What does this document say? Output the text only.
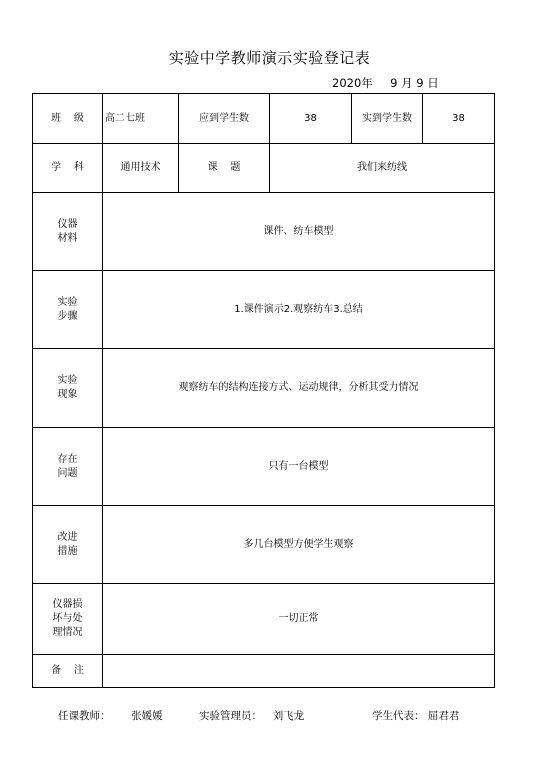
实验中学教师演示实验登记表
2020年 9 月 9 日
班    级	高二七班	应到学生数	38	实到学生数	38
学    科	通用技术	课    题	我们来纺线		

仪器
材料	课件、纺车模型				

实验
步骤	1.课件演示2.观察纺车3.总结				

实验
现象	观察纺车的结构连接方式、运动规律，分析其受力情况				

存在
问题	只有一台模型				

改进
措施	多几台模型方便学生观察				

仪器损
坏与处
理情况	一切正常				
备    注					
任课教师： 张媛媛	实验管理员： 刘飞龙	学生代表： 屈君君
